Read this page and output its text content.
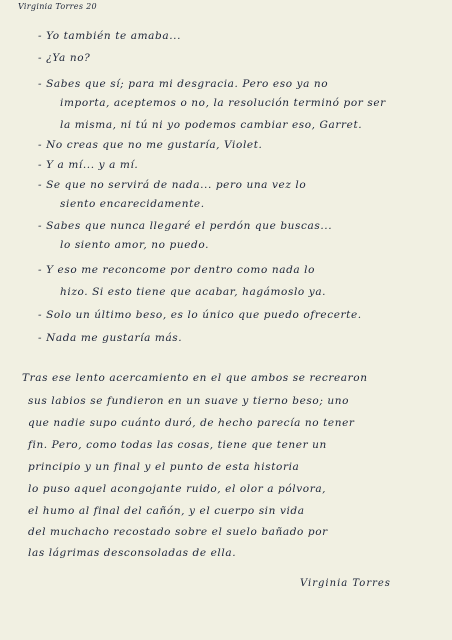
Virginia Torres 20
- Yo también te amaba...
- ¿Ya no?
- Sabes que sí; para mi desgracia. Pero eso ya no
importa, aceptemos o no, la resolución terminó por ser
la misma, ni tú ni yo podemos cambiar eso, Garret.
- No creas que no me gustaría, Violet.
- Y a mí... y a mí.
- Se que no servirá de nada... pero una vez lo
siento encarecidamente.
- Sabes que nunca llegaré el perdón que buscas...
lo siento amor, no puedo.
- Y eso me reconcome por dentro como nada lo
hizo. Si esto tiene que acabar, hagámoslo ya.
- Solo un último beso, es lo único que puedo ofrecerte.
- Nada me gustaría más.
Tras ese lento acercamiento en el que ambos se recrearon
sus labios se fundieron en un suave y tierno beso; uno
que nadie supo cuánto duró, de hecho parecía no tener
fin. Pero, como todas las cosas, tiene que tener un
principio y un final y el punto de esta historia
lo puso aquel acongojante ruido, el olor a pólvora,
el humo al final del cañón, y el cuerpo sin vida
del muchacho recostado sobre el suelo bañado por
las lágrimas desconsoladas de ella.
Virginia Torres
